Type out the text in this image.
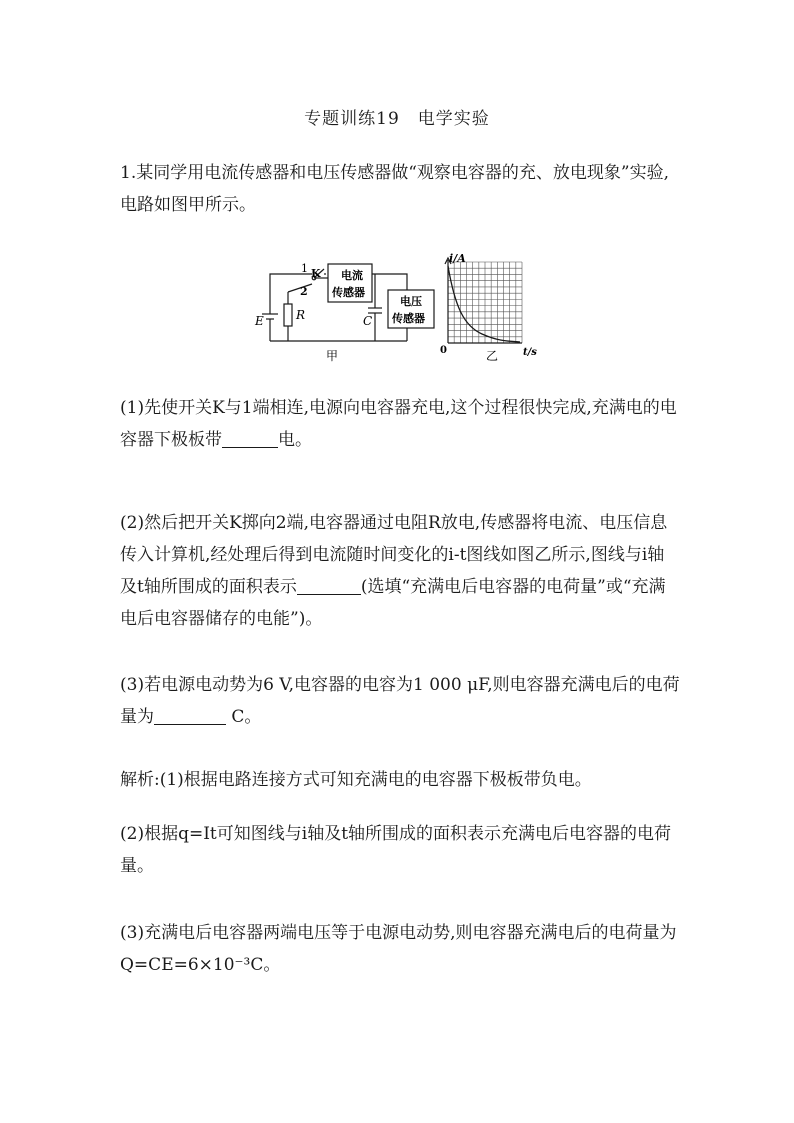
专题训练19　电学实验

1.某同学用电流传感器和电压传感器做“观察电容器的充、放电现象”实验,电路如图甲所示。

1 K
2
E	R	C
电流
传感器
电压
传感器
甲
i/A
t/s
0	乙

(1)先使开关K与1端相连,电源向电容器充电,这个过程很快完成,充满电的电容器下极板带	电。

(2)然后把开关K掷向2端,电容器通过电阻R放电,传感器将电流、电压信息传入计算机,经处理后得到电流随时间变化的i-t图线如图乙所示,图线与i轴及t轴所围成的面积表示	(选填“充满电后电容器的电荷量”或“充满电后电容器储存的电能”)。

(3)若电源电动势为6 V,电容器的电容为1 000 μF,则电容器充满电后的电荷量为	C。

解析:(1)根据电路连接方式可知充满电的电容器下极板带负电。

(2)根据q=It可知图线与i轴及t轴所围成的面积表示充满电后电容器的电荷量。

(3)充满电后电容器两端电压等于电源电动势,则电容器充满电后的电荷量为Q=CE=6×10⁻³C。
